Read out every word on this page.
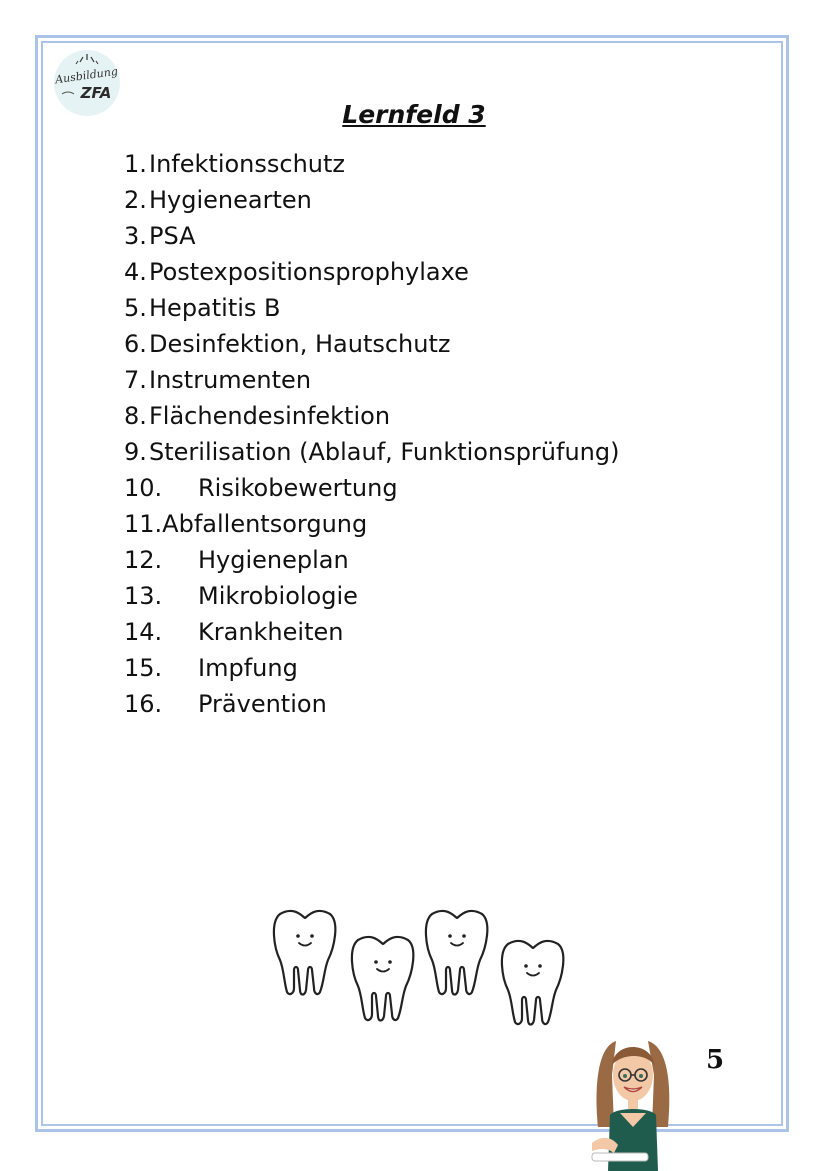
Ausbildung
ZFA
Lernfeld 3
1. Infektionsschutz
2. Hygienearten
3. PSA
4. Postexpositionsprophylaxe
5. Hepatitis B
6. Desinfektion, Hautschutz
7. Instrumenten
8. Flächendesinfektion
9. Sterilisation (Ablauf, Funktionsprüfung)
10.	Risikobewertung
11. Abfallentsorgung
12.	Hygieneplan
13.	Mikrobiologie
14.	Krankheiten
15.	Impfung
16.	Prävention
5
